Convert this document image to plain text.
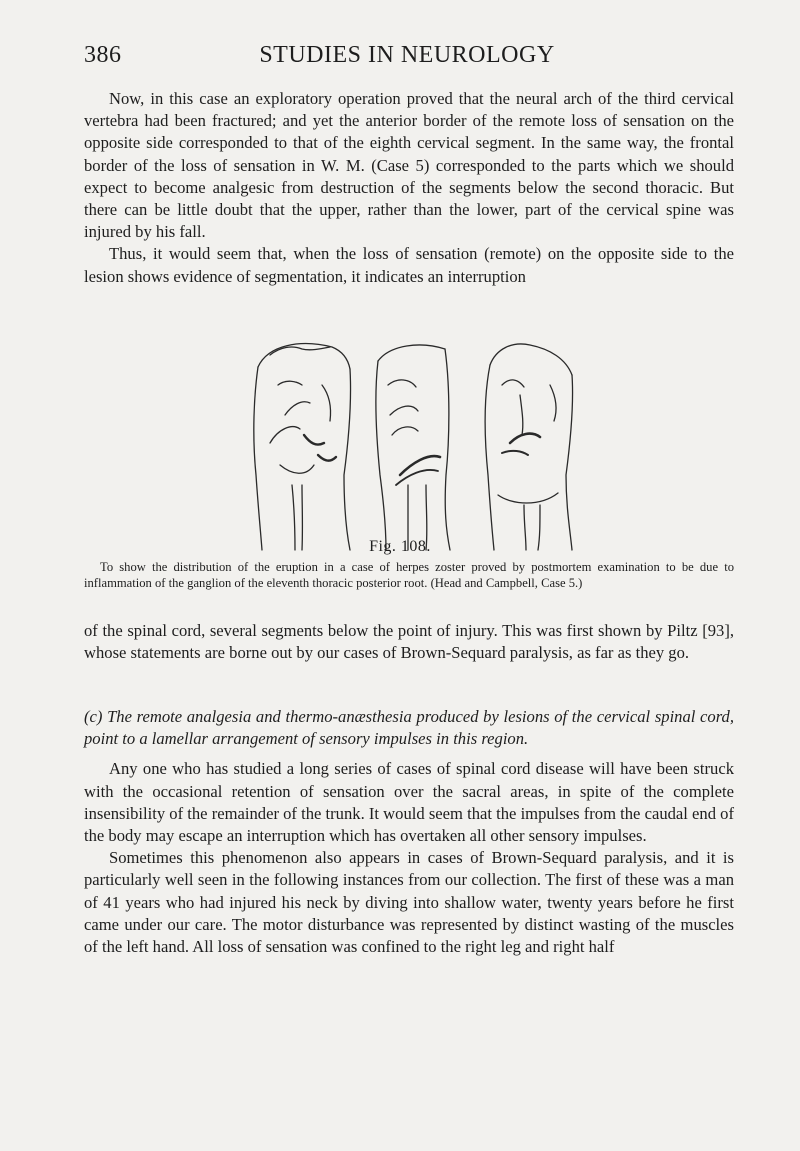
386	STUDIES IN NEUROLOGY

Now, in this case an exploratory operation proved that the neural arch of the third cervical vertebra had been fractured; and yet the anterior border of the remote loss of sensation on the opposite side corresponded to that of the eighth cervical segment. In the same way, the frontal border of the loss of sensation in W. M. (Case 5) corresponded to the parts which we should expect to become analgesic from destruction of the segments below the second thoracic. But there can be little doubt that the upper, rather than the lower, part of the cervical spine was injured by his fall.

Thus, it would seem that, when the loss of sensation (remote) on the opposite side to the lesion shows evidence of segmentation, it indicates an interruption

Fig. 108.

To show the distribution of the eruption in a case of herpes zoster proved by postmortem examination to be due to inflammation of the ganglion of the eleventh thoracic posterior root. (Head and Campbell, Case 5.)

of the spinal cord, several segments below the point of injury. This was first shown by Piltz [93], whose statements are borne out by our cases of Brown-Sequard paralysis, as far as they go.

(c) The remote analgesia and thermo-anæsthesia produced by lesions of the cervical spinal cord, point to a lamellar arrangement of sensory impulses in this region.

Any one who has studied a long series of cases of spinal cord disease will have been struck with the occasional retention of sensation over the sacral areas, in spite of the complete insensibility of the remainder of the trunk. It would seem that the impulses from the caudal end of the body may escape an interruption which has overtaken all other sensory impulses.

Sometimes this phenomenon also appears in cases of Brown-Sequard paralysis, and it is particularly well seen in the following instances from our collection. The first of these was a man of 41 years who had injured his neck by diving into shallow water, twenty years before he first came under our care. The motor disturbance was represented by distinct wasting of the muscles of the left hand. All loss of sensation was confined to the right leg and right half
